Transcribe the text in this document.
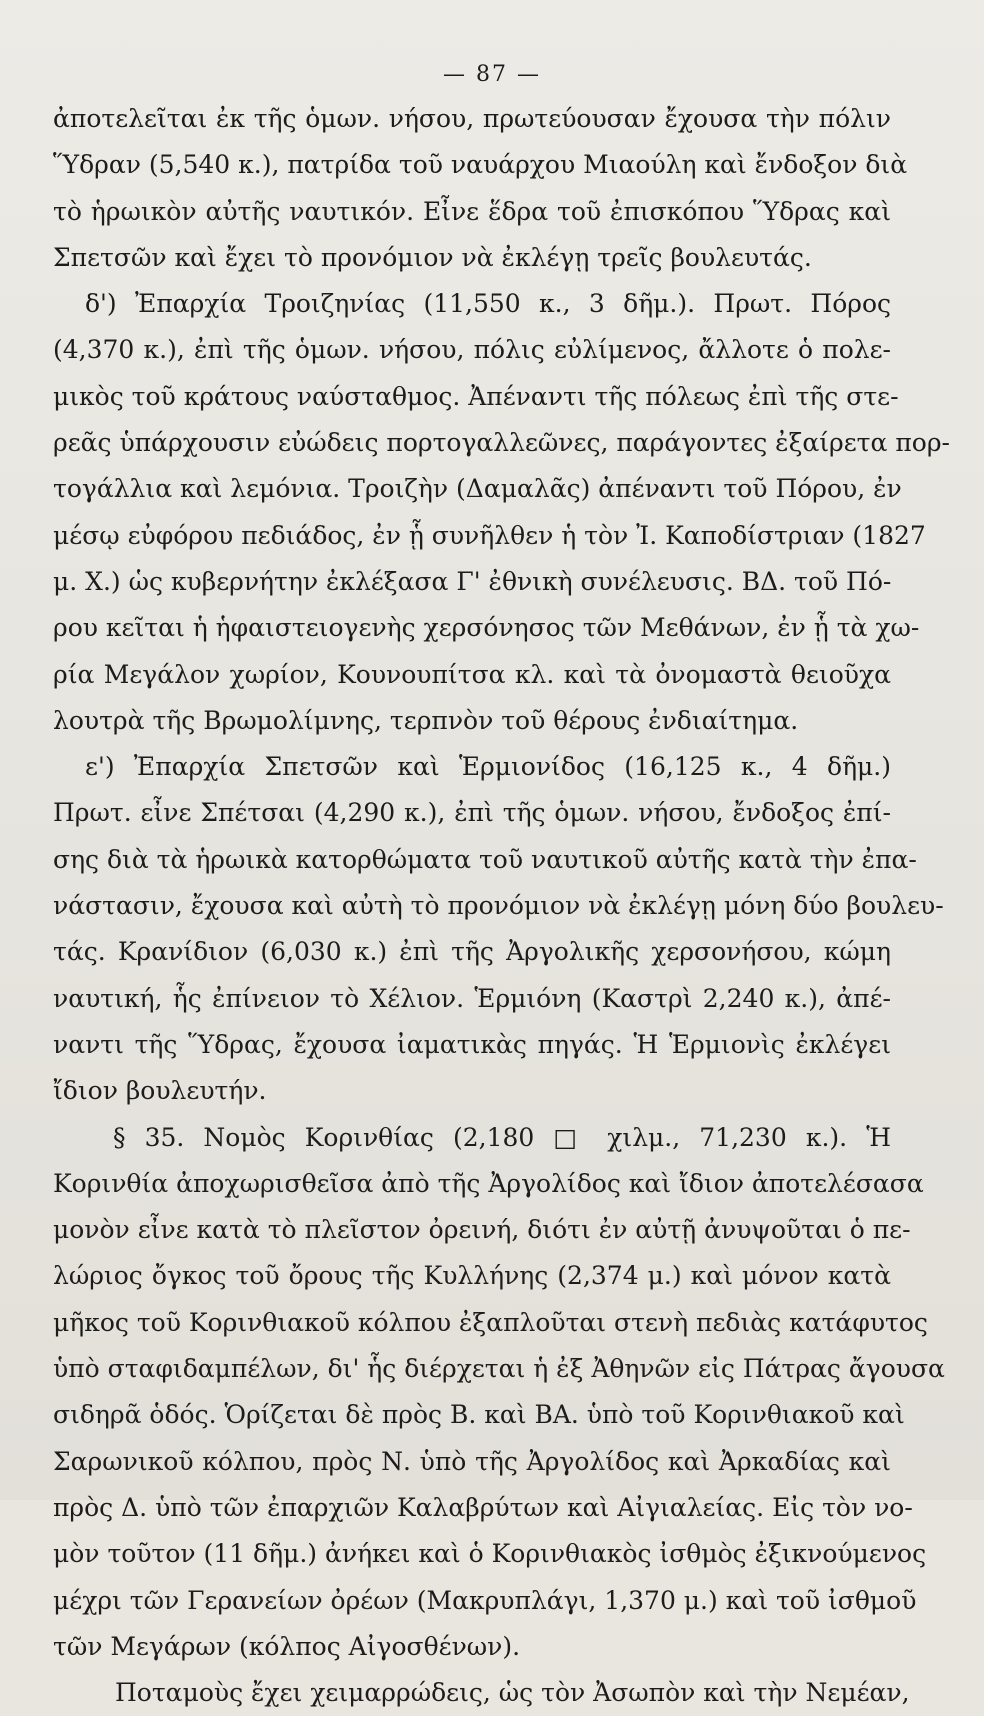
— 87 —
ἀποτελεῖται ἐκ τῆς ὁμων. νήσου, πρωτεύουσαν ἔχουσα τὴν πόλιν
Ὕδραν (5,540 κ.), πατρίδα τοῦ ναυάρχου Μιαούλη καὶ ἔνδοξον διὰ
τὸ ἡρωικὸν αὐτῆς ναυτικόν. Εἶνε ἕδρα τοῦ ἐπισκόπου Ὕδρας καὶ
Σπετσῶν καὶ ἔχει τὸ προνόμιον νὰ ἐκλέγῃ τρεῖς βουλευτάς.
δ') Ἐπαρχία Τροιζηνίας (11,550 κ., 3 δῆμ.). Πρωτ. Πόρος
(4,370 κ.), ἐπὶ τῆς ὁμων. νήσου, πόλις εὐλίμενος, ἄλλοτε ὁ πολε-
μικὸς τοῦ κράτους ναύσταθμος. Ἀπέναντι τῆς πόλεως ἐπὶ τῆς στε-
ρεᾶς ὑπάρχουσιν εὐώδεις πορτογαλλεῶνες, παράγοντες ἐξαίρετα πορ-
τογάλλια καὶ λεμόνια. Τροιζὴν (Δαμαλᾶς) ἀπέναντι τοῦ Πόρου, ἐν
μέσῳ εὐφόρου πεδιάδος, ἐν ᾗ συνῆλθεν ἡ τὸν Ἰ. Καποδίστριαν (1827
μ. Χ.) ὡς κυβερνήτην ἐκλέξασα Γ' ἐθνικὴ συνέλευσις. ΒΔ. τοῦ Πό-
ρου κεῖται ἡ ἡφαιστειογενὴς χερσόνησος τῶν Μεθάνων, ἐν ᾗ τὰ χω-
ρία Μεγάλον χωρίον, Κουνουπίτσα κλ. καὶ τὰ ὀνομαστὰ θειοῦχα
λουτρὰ τῆς Βρωμολίμνης, τερπνὸν τοῦ θέρους ἐνδιαίτημα.
ε') Ἐπαρχία Σπετσῶν καὶ Ἑρμιονίδος (16,125 κ., 4 δῆμ.)
Πρωτ. εἶνε Σπέτσαι (4,290 κ.), ἐπὶ τῆς ὁμων. νήσου, ἔνδοξος ἐπί-
σης διὰ τὰ ἡρωικὰ κατορθώματα τοῦ ναυτικοῦ αὐτῆς κατὰ τὴν ἐπα-
νάστασιν, ἔχουσα καὶ αὐτὴ τὸ προνόμιον νὰ ἐκλέγῃ μόνη δύο βουλευ-
τάς. Κρανίδιον (6,030 κ.) ἐπὶ τῆς Ἀργολικῆς χερσονήσου, κώμη
ναυτική, ἧς ἐπίνειον τὸ Χέλιον. Ἑρμιόνη (Καστρὶ 2,240 κ.), ἀπέ-
ναντι τῆς Ὕδρας, ἔχουσα ἰαματικὰς πηγάς. Ἡ Ἑρμιονὶς ἐκλέγει
ἴδιον βουλευτήν.
§ 35. Νομὸς Κορινθίας (2,180 □ χιλμ., 71,230 κ.). Ἡ
Κορινθία ἀποχωρισθεῖσα ἀπὸ τῆς Ἀργολίδος καὶ ἴδιον ἀποτελέσασα
μονὸν εἶνε κατὰ τὸ πλεῖστον ὀρεινή, διότι ἐν αὐτῇ ἀνυψοῦται ὁ πε-
λώριος ὄγκος τοῦ ὄρους τῆς Κυλλήνης (2,374 μ.) καὶ μόνον κατὰ
μῆκος τοῦ Κορινθιακοῦ κόλπου ἐξαπλοῦται στενὴ πεδιὰς κατάφυτος
ὑπὸ σταφιδαμπέλων, δι' ἧς διέρχεται ἡ ἐξ Ἀθηνῶν εἰς Πάτρας ἄγουσα
σιδηρᾶ ὁδός. Ὁρίζεται δὲ πρὸς Β. καὶ ΒΑ. ὑπὸ τοῦ Κορινθιακοῦ καὶ
Σαρωνικοῦ κόλπου, πρὸς Ν. ὑπὸ τῆς Ἀργολίδος καὶ Ἀρκαδίας καὶ
πρὸς Δ. ὑπὸ τῶν ἐπαρχιῶν Καλαβρύτων καὶ Αἰγιαλείας. Εἰς τὸν νο-
μὸν τοῦτον (11 δῆμ.) ἀνήκει καὶ ὁ Κορινθιακὸς ἰσθμὸς ἐξικνούμενος
μέχρι τῶν Γερανείων ὀρέων (Μακρυπλάγι, 1,370 μ.) καὶ τοῦ ἰσθμοῦ
τῶν Μεγάρων (κόλπος Αἰγοσθένων).
Ποταμοὺς ἔχει χειμαρρώδεις, ὡς τὸν Ἀσωπὸν καὶ τὴν Νεμέαν,
